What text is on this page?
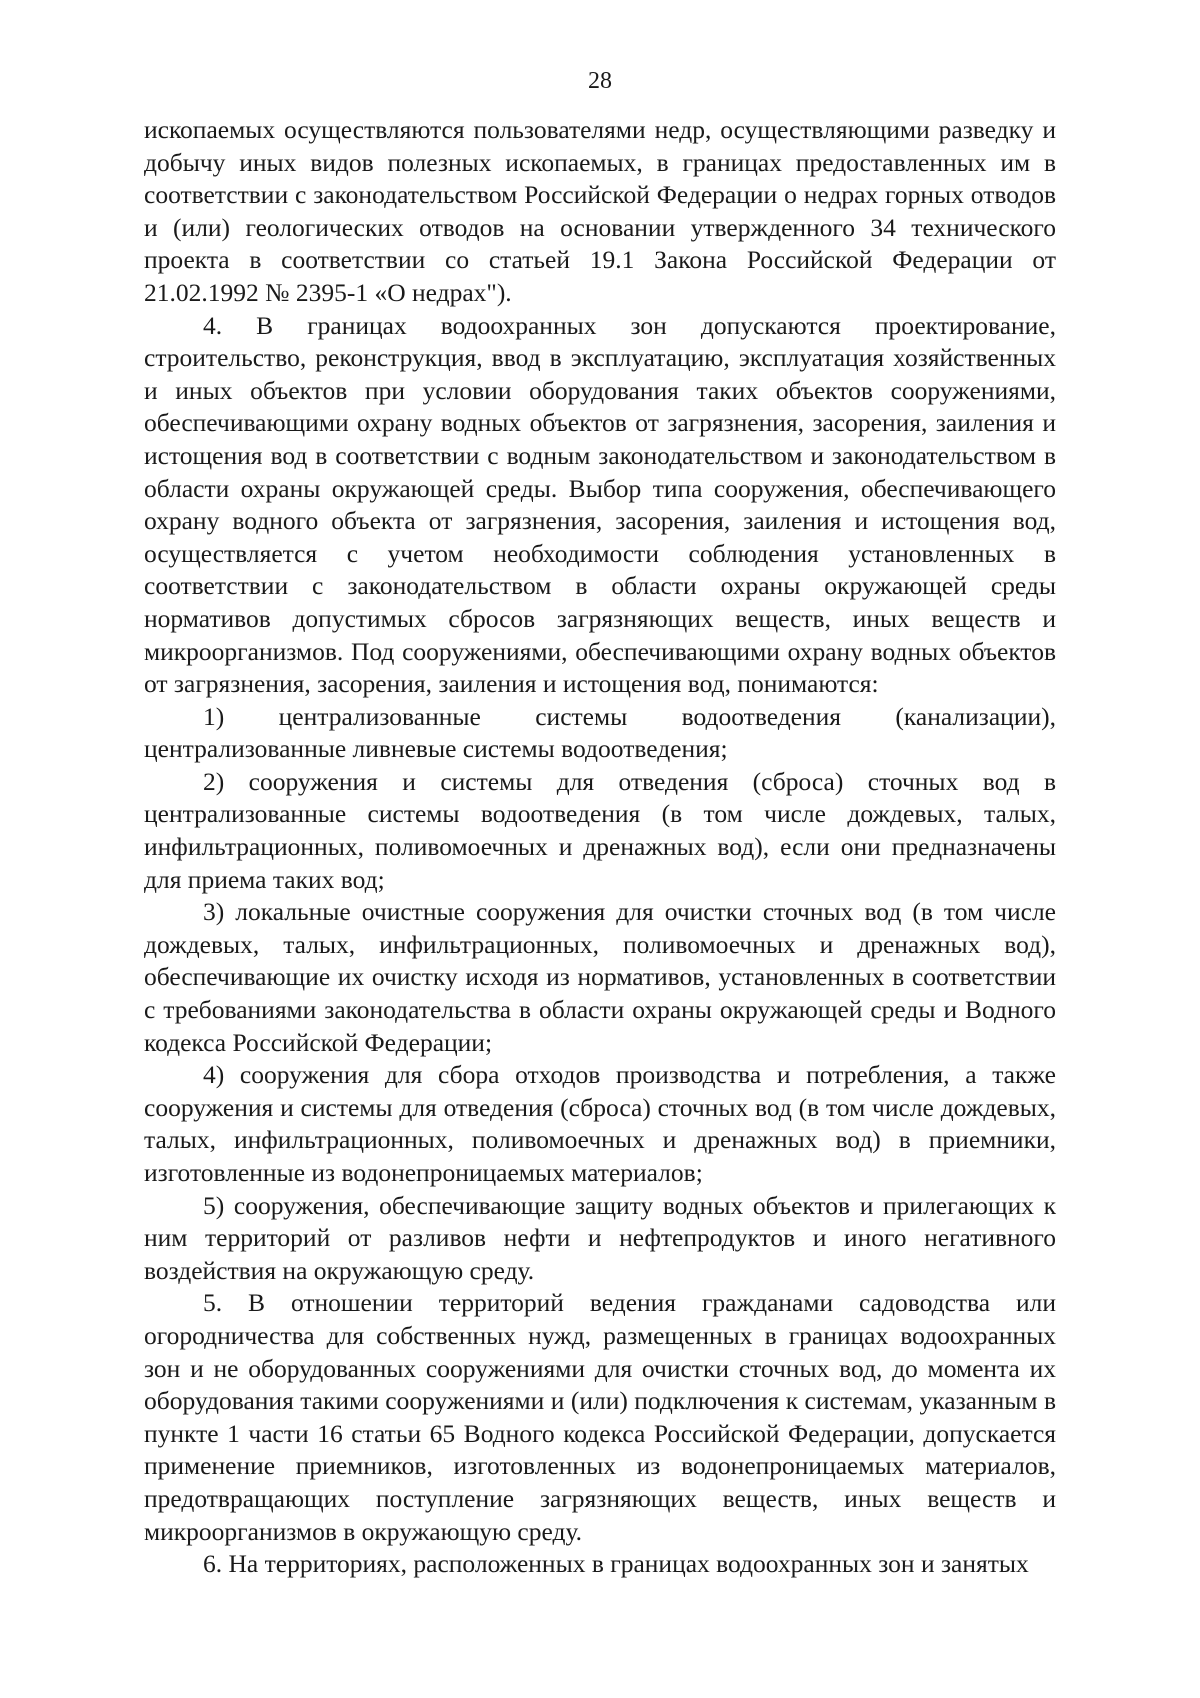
28

ископаемых осуществляются пользователями недр, осуществляющими разведку и добычу иных видов полезных ископаемых, в границах предоставленных им в соответствии с законодательством Российской Федерации о недрах горных отводов и (или) геологических отводов на основании утвержденного 34 технического проекта в соответствии со статьей 19.1 Закона Российской Федерации от 21.02.1992 № 2395-1 «О недрах").

4. В границах водоохранных зон допускаются проектирование, строительство, реконструкция, ввод в эксплуатацию, эксплуатация хозяйственных и иных объектов при условии оборудования таких объектов сооружениями, обеспечивающими охрану водных объектов от загрязнения, засорения, заиления и истощения вод в соответствии с водным законодательством и законодательством в области охраны окружающей среды. Выбор типа сооружения, обеспечивающего охрану водного объекта от загрязнения, засорения, заиления и истощения вод, осуществляется с учетом необходимости соблюдения установленных в соответствии с законодательством в области охраны окружающей среды нормативов допустимых сбросов загрязняющих веществ, иных веществ и микроорганизмов. Под сооружениями, обеспечивающими охрану водных объектов от загрязнения, засорения, заиления и истощения вод, понимаются:

1) централизованные системы водоотведения (канализации), централизованные ливневые системы водоотведения;

2) сооружения и системы для отведения (сброса) сточных вод в централизованные системы водоотведения (в том числе дождевых, талых, инфильтрационных, поливомоечных и дренажных вод), если они предназначены для приема таких вод;

3) локальные очистные сооружения для очистки сточных вод (в том числе дождевых, талых, инфильтрационных, поливомоечных и дренажных вод), обеспечивающие их очистку исходя из нормативов, установленных в соответствии с требованиями законодательства в области охраны окружающей среды и Водного кодекса Российской Федерации;

4) сооружения для сбора отходов производства и потребления, а также сооружения и системы для отведения (сброса) сточных вод (в том числе дождевых, талых, инфильтрационных, поливомоечных и дренажных вод) в приемники, изготовленные из водонепроницаемых материалов;

5) сооружения, обеспечивающие защиту водных объектов и прилегающих к ним территорий от разливов нефти и нефтепродуктов и иного негативного воздействия на окружающую среду.

5. В отношении территорий ведения гражданами садоводства или огородничества для собственных нужд, размещенных в границах водоохранных зон и не оборудованных сооружениями для очистки сточных вод, до момента их оборудования такими сооружениями и (или) подключения к системам, указанным в пункте 1 части 16 статьи 65 Водного кодекса Российской Федерации, допускается применение приемников, изготовленных из водонепроницаемых материалов, предотвращающих поступление загрязняющих веществ, иных веществ и микроорганизмов в окружающую среду.

6. На территориях, расположенных в границах водоохранных зон и занятых
